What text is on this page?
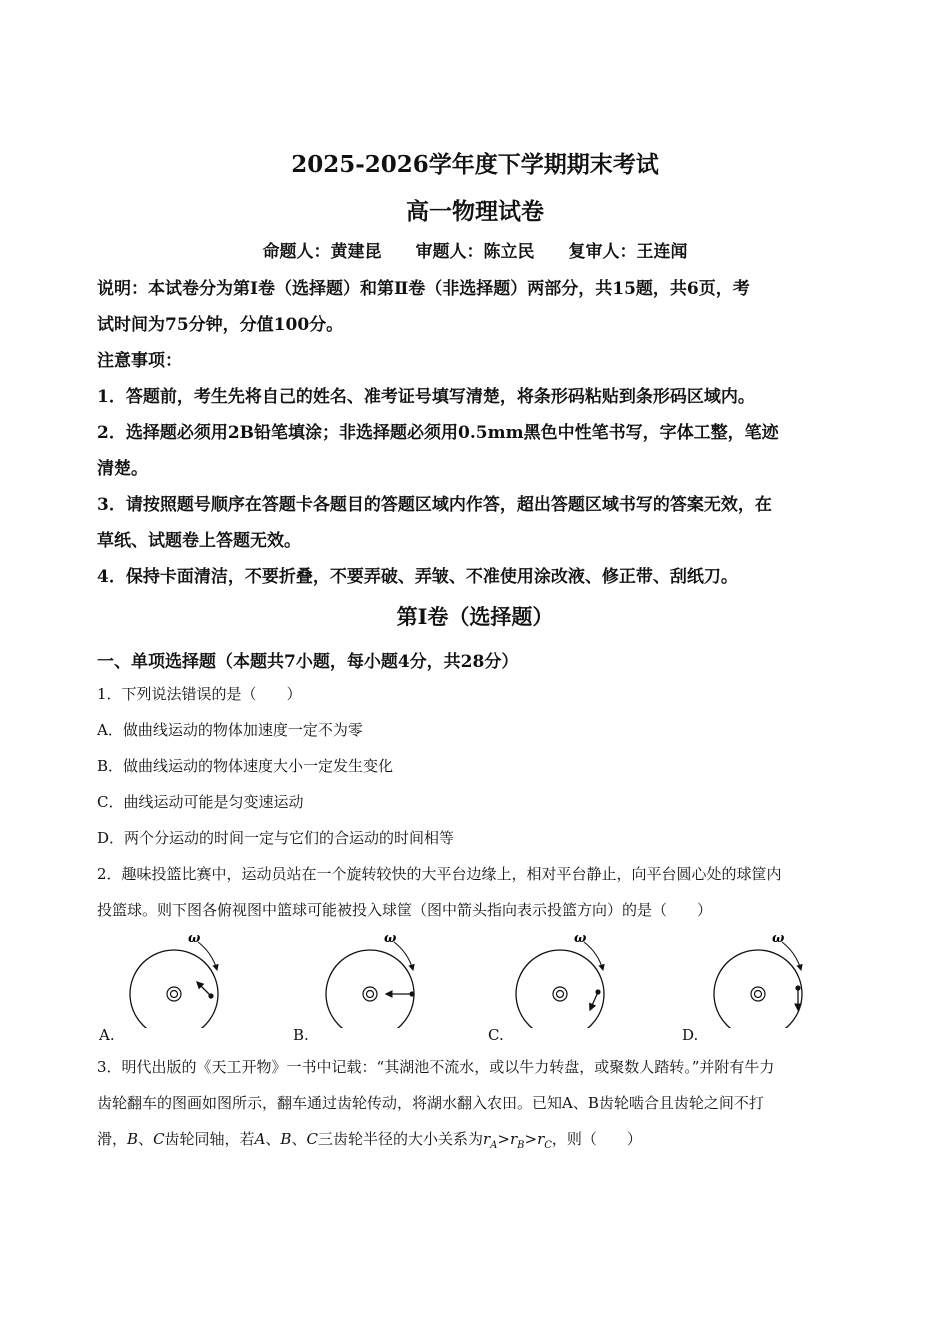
2025-2026学年度下学期期末考试
高一物理试卷
命题人：黄建昆 审题人：陈立民 复审人：王连闻
说明：本试卷分为第Ⅰ卷（选择题）和第Ⅱ卷（非选择题）两部分，共15题，共6页，考
试时间为75分钟，分值100分。
注意事项：
1．答题前，考生先将自己的姓名、准考证号填写清楚，将条形码粘贴到条形码区域内。
2．选择题必须用2B铅笔填涂；非选择题必须用0.5mm黑色中性笔书写，字体工整，笔迹
清楚。
3．请按照题号顺序在答题卡各题目的答题区域内作答，超出答题区域书写的答案无效，在
草纸、试题卷上答题无效。
4．保持卡面清洁，不要折叠，不要弄破、弄皱、不准使用涂改液、修正带、刮纸刀。
第Ⅰ卷（选择题）
一、单项选择题（本题共7小题，每小题4分，共28分）
1．下列说法错误的是（　　）
A．做曲线运动的物体加速度一定不为零
B．做曲线运动的物体速度大小一定发生变化
C．曲线运动可能是匀变速运动
D．两个分运动的时间一定与它们的合运动的时间相等
2．趣味投篮比赛中，运动员站在一个旋转较快的大平台边缘上，相对平台静止，向平台圆心处的球筐内
投篮球。则下图各俯视图中篮球可能被投入球筐（图中箭头指向表示投篮方向）的是（　　）
ω
A.
ω
B.
ω
C.
ω
D.
3．明代出版的《天工开物》一书中记载：“其湖池不流水，或以牛力转盘，或聚数人踏转。”并附有牛力
齿轮翻车的图画如图所示，翻车通过齿轮传动，将湖水翻入农田。已知A、B齿轮啮合且齿轮之间不打
滑，B、C齿轮同轴，若A、B、C三齿轮半径的大小关系为$r_A>r_B>r_C$，则（　　）
